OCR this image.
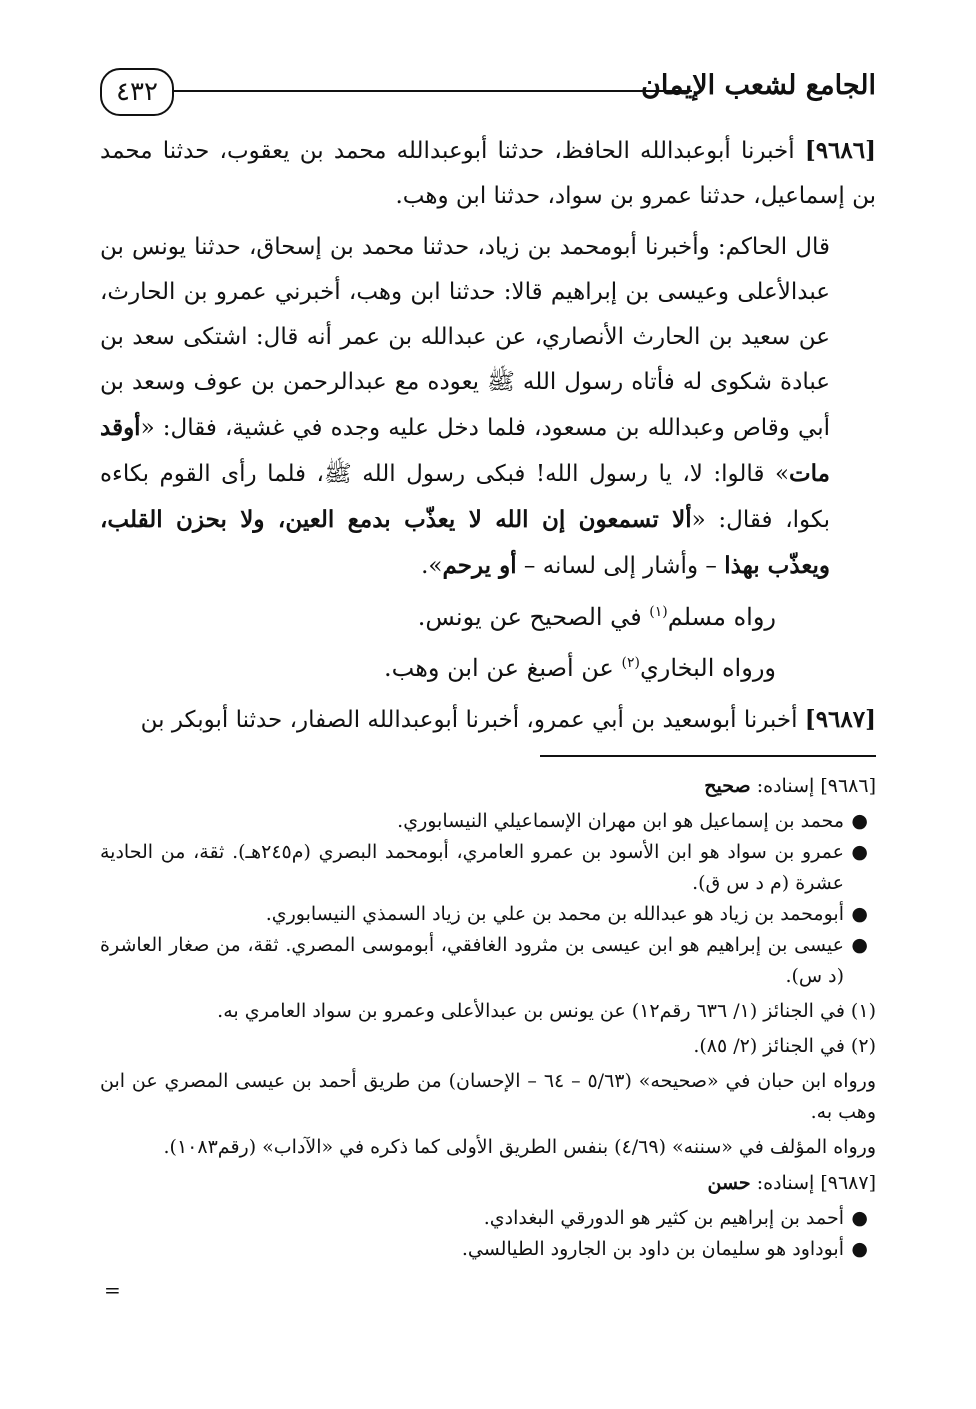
٤٣٢	الجامع لشعب الإيمان

[٩٦٨٦] أخبرنا أبوعبدالله الحافظ، حدثنا أبوعبدالله محمد بن يعقوب، حدثنا محمد بن إسماعيل، حدثنا عمرو بن سواد، حدثنا ابن وهب.

قال الحاكم: وأخبرنا أبومحمد بن زياد، حدثنا محمد بن إسحاق، حدثنا يونس بن عبدالأعلى وعيسى بن إبراهيم قالا: حدثنا ابن وهب، أخبرني عمرو بن الحارث، عن سعيد بن الحارث الأنصاري، عن عبدالله بن عمر أنه قال: اشتكى سعد بن عبادة شكوى له فأتاه رسول الله ﷺ يعوده مع عبدالرحمن بن عوف وسعد بن أبي وقاص وعبدالله بن مسعود، فلما دخل عليه وجده في غشية، فقال: «أوقد مات» قالوا: لا، يا رسول الله! فبكى رسول الله ﷺ، فلما رأى القوم بكاءه بكوا، فقال: «ألا تسمعون إن الله لا يعذّب بدمع العين، ولا بحزن القلب، ويعذّب بهذا – وأشار إلى لسانه – أو يرحم».

رواه مسلم$^{(١)}$ في الصحيح عن يونس.

ورواه البخاري$^{(٢)}$ عن أصبغ عن ابن وهب.

[٩٦٨٧] أخبرنا أبوسعيد بن أبي عمرو، أخبرنا أبوعبدالله الصفار، حدثنا أبوبكر بن

[٩٦٨٦] إسناده: صحيح
●
محمد بن إسماعيل هو ابن مهران الإسماعيلي النيسابوري.
●
عمرو بن سواد هو ابن الأسود بن عمرو العامري، أبومحمد البصري (م٢٤٥هـ). ثقة، من الحادية عشرة (م د س ق).
●
أبومحمد بن زياد هو عبدالله بن محمد بن علي بن زياد السمذي النيسابوري.
●
عيسى بن إبراهيم هو ابن عيسى بن مثرود الغافقي، أبوموسى المصري. ثقة، من صغار العاشرة (د س).

(١) في الجنائز (١/ ٦٣٦ رقم١٢) عن يونس بن عبدالأعلى وعمرو بن سواد العامري به.

(٢) في الجنائز (٢/ ٨٥).

ورواه ابن حبان في «صحيحه» (٥/٦٣ – ٦٤ – الإحسان) من طريق أحمد بن عيسى المصري عن ابن وهب به.

ورواه المؤلف في «سننه» (٤/٦٩) بنفس الطريق الأولى كما ذكره في «الآداب» (رقم١٠٨٣).

[٩٦٨٧] إسناده: حسن
●
أحمد بن إبراهيم بن كثير هو الدورقي البغدادي.
●
أبوداود هو سليمان بن داود بن الجارود الطيالسي.
=
